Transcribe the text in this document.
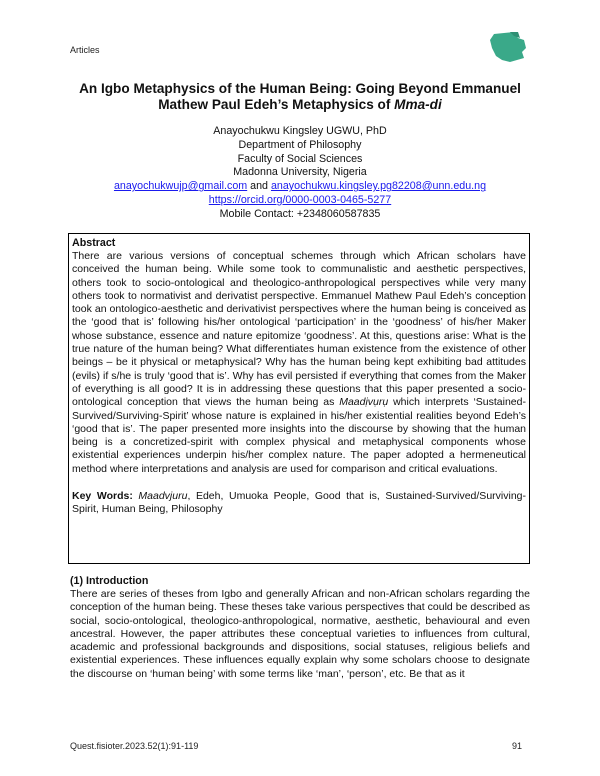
Articles
An Igbo Metaphysics of the Human Being: Going Beyond Emmanuel
Mathew Paul Edeh’s Metaphysics of Mma-di
Anayochukwu Kingsley UGWU, PhD
Department of Philosophy
Faculty of Social Sciences
Madonna University, Nigeria
anayochukwujp@gmail.com and anayochukwu.kingsley.pg82208@unn.edu.ng
https://orcid.org/0000-0003-0465-5277
Mobile Contact: +2348060587835
Abstract
There are various versions of conceptual schemes through which African scholars have conceived the human being. While some took to communalistic and aesthetic perspectives, others took to socio-ontological and theologico-anthropological perspectives while very many others took to normativist and derivatist perspective. Emmanuel Mathew Paul Edeh’s conception took an ontologico-aesthetic and derivativist perspectives where the human being is conceived as the ‘good that is’ following his/her ontological ‘participation’ in the ‘goodness’ of his/her Maker whose substance, essence and nature epitomize ‘goodness’. At this, questions arise: What is the true nature of the human being? What differentiates human existence from the existence of other beings – be it physical or metaphysical? Why has the human being kept exhibiting bad attitudes (evils) if s/he is truly ‘good that is’. Why has evil persisted if everything that comes from the Maker of everything is all good? It is in addressing these questions that this paper presented a socio-ontological conception that views the human being as Maadịvụrụ which interprets ‘Sustained-Survived/Surviving-Spirit’ whose nature is explained in his/her existential realities beyond Edeh’s ‘good that is’. The paper presented more insights into the discourse by showing that the human being is a concretized-spirit with complex physical and metaphysical components whose existential experiences underpin his/her complex nature. The paper adopted a hermeneutical method where interpretations and analysis are used for comparison and critical evaluations.
Key Words: Maadvjuru, Edeh, Umuoka People, Good that is, Sustained-Survived/Surviving-Spirit, Human Being, Philosophy
(1) Introduction
There are series of theses from Igbo and generally African and non-African scholars regarding the conception of the human being. These theses take various perspectives that could be described as social, socio-ontological, theologico-anthropological, normative, aesthetic, behavioural and even ancestral. However, the paper attributes these conceptual varieties to influences from cultural, academic and professional backgrounds and dispositions, social statuses, religious beliefs and existential experiences. These influences equally explain why some scholars choose to designate the discourse on ‘human being’ with some terms like ‘man’, ‘person’, etc. Be that as it
Quest.fisioter.2023.52(1):91-119	91
